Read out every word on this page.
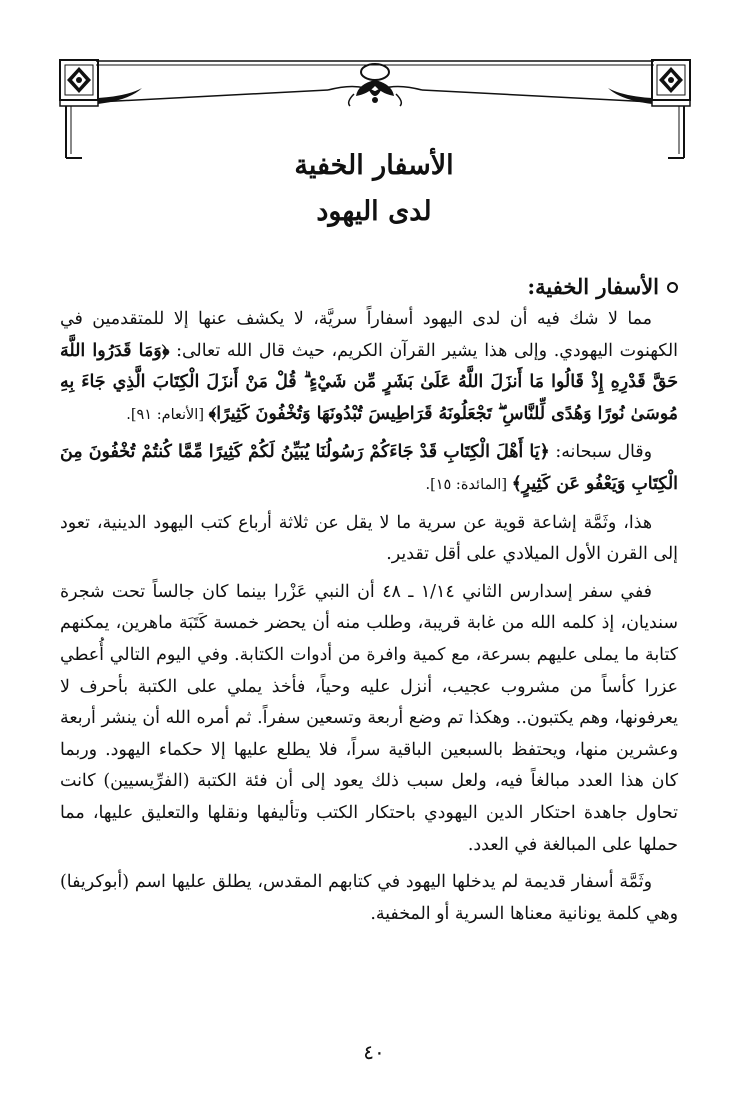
الأسفار الخفية
لدى اليهود
الأسفار الخفية:

مما لا شك فيه أن لدى اليهود أسفاراً سريَّة، لا يكشف عنها إلا للمتقدمين في الكهنوت اليهودي. وإلى هذا يشير القرآن الكريم، حيث قال الله تعالى: ﴿وَمَا قَدَرُوا اللَّهَ حَقَّ قَدْرِهِ إِذْ قَالُوا مَا أَنزَلَ اللَّهُ عَلَىٰ بَشَرٍ مِّن شَيْءٍ ۗ قُلْ مَنْ أَنزَلَ الْكِتَابَ الَّذِي جَاءَ بِهِ مُوسَىٰ نُورًا وَهُدًى لِّلنَّاسِ ۖ تَجْعَلُونَهُ قَرَاطِيسَ تُبْدُونَهَا وَتُخْفُونَ كَثِيرًا﴾ [الأنعام: ٩١].

وقال سبحانه: ﴿يَا أَهْلَ الْكِتَابِ قَدْ جَاءَكُمْ رَسُولُنَا يُبَيِّنُ لَكُمْ كَثِيرًا مِّمَّا كُنتُمْ تُخْفُونَ مِنَ الْكِتَابِ وَيَعْفُو عَن كَثِيرٍ﴾ [المائدة: ١٥].

هذا، وثَمَّة إشاعة قوية عن سرية ما لا يقل عن ثلاثة أرباع كتب اليهود الدينية، تعود إلى القرن الأول الميلادي على أقل تقدير.

ففي سفر إسدارس الثاني ١/١٤ ـ ٤٨ أن النبي عَزْرا بينما كان جالساً تحت شجرة سنديان، إذ كلمه الله من غابة قريبة، وطلب منه أن يحضر خمسة كَتَبَة ماهرين، يمكنهم كتابة ما يملى عليهم بسرعة، مع كمية وافرة من أدوات الكتابة. وفي اليوم التالي أُعطي عزرا كأساً من مشروب عجيب، أنزل عليه وحياً، فأخذ يملي على الكتبة بأحرف لا يعرفونها، وهم يكتبون.. وهكذا تم وضع أربعة وتسعين سفراً. ثم أمره الله أن ينشر أربعة وعشرين منها، ويحتفظ بالسبعين الباقية سراً، فلا يطلع عليها إلا حكماء اليهود. وربما كان هذا العدد مبالغاً فيه، ولعل سبب ذلك يعود إلى أن فئة الكتبة (الفرِّيسيين) كانت تحاول جاهدة احتكار الدين اليهودي باحتكار الكتب وتأليفها ونقلها والتعليق عليها، مما حملها على المبالغة في العدد.

وثَمَّة أسفار قديمة لم يدخلها اليهود في كتابهم المقدس، يطلق عليها اسم (أبوكريفا) وهي كلمة يونانية معناها السرية أو المخفية.

٤٠
